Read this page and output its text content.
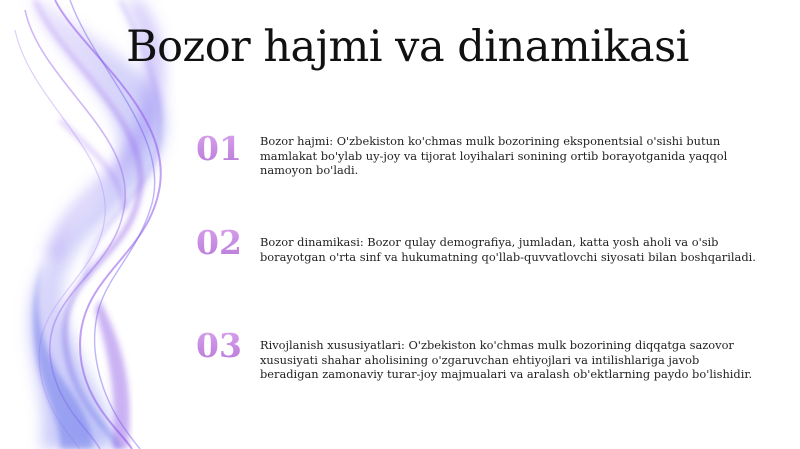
Bozor hajmi va dinamikasi
01	Bozor hajmi: O'zbekiston ko'chmas mulk bozorining eksponentsial o'sishi butun mamlakat bo'ylab uy-joy va tijorat loyihalari sonining ortib borayotganida yaqqol namoyon bo'ladi.
02	Bozor dinamikasi: Bozor qulay demografiya, jumladan, katta yosh aholi va o'sib borayotgan o'rta sinf va hukumatning qo'llab-quvvatlovchi siyosati bilan boshqariladi.
03	Rivojlanish xususiyatlari: O'zbekiston ko'chmas mulk bozorining diqqatga sazovor xususiyati shahar aholisining o'zgaruvchan ehtiyojlari va intilishlariga javob beradigan zamonaviy turar-joy majmualari va aralash ob'ektlarning paydo bo'lishidir.
